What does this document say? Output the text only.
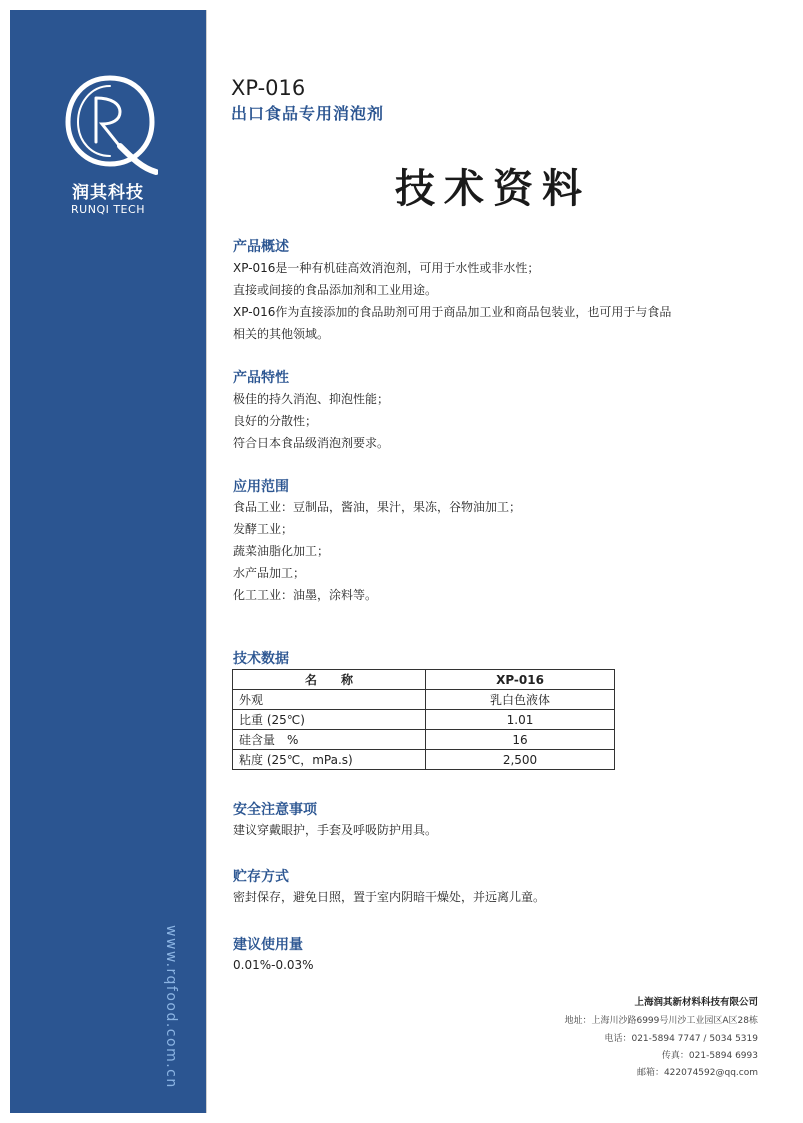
润其科技
RUNQI TECH
www.rqfood.com.cn
XP-016
出口食品专用消泡剂
技术资料
产品概述
XP-016是一种有机硅高效消泡剂，可用于水性或非水性；
直接或间接的食品添加剂和工业用途。
XP-016作为直接添加的食品助剂可用于商品加工业和商品包装业，也可用于与食品
相关的其他领域。
产品特性
极佳的持久消泡、抑泡性能；
良好的分散性；
符合日本食品级消泡剂要求。
应用范围
食品工业：豆制品，酱油，果汁，果冻，谷物油加工；
发酵工业；
蔬菜油脂化加工；
水产品加工；
化工工业：油墨，涂料等。
技术数据
名　　称	XP-016
外观	乳白色液体
比重 (25℃)	1.01
硅含量　%	16
粘度 (25℃，mPa.s)	2,500
安全注意事项
建议穿戴眼护，手套及呼吸防护用具。
贮存方式
密封保存，避免日照，置于室内阴暗干燥处，并远离儿童。
建议使用量
0.01%-0.03%
上海润其新材料科技有限公司
地址：上海川沙路6999号川沙工业园区A区28栋
电话：021-5894 7747 / 5034 5319
传真：021-5894 6993
邮箱：422074592@qq.com
